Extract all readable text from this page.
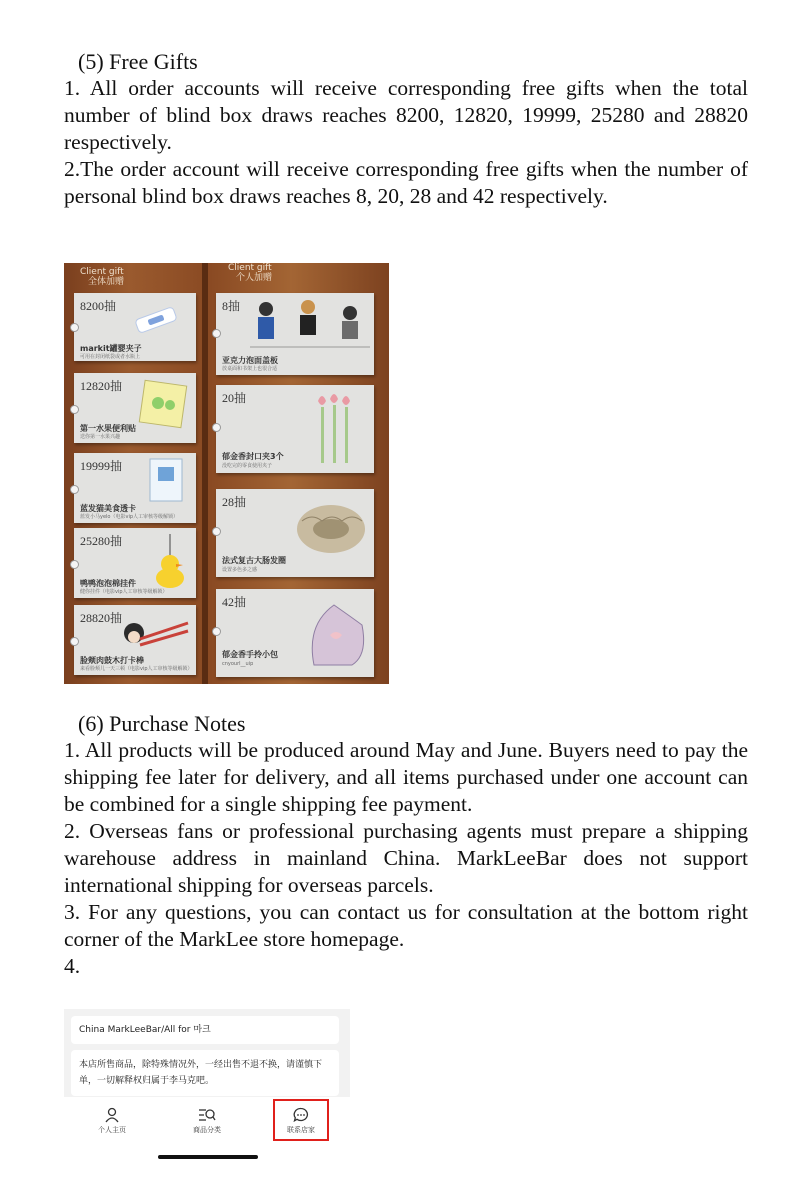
(5) Free Gifts

1. All order accounts will receive corresponding free gifts when the total number of blind box draws reaches 8200, 12820, 19999, 25280 and 28820 respectively.

2.The order account will receive corresponding free gifts when the number of personal blind box draws reaches 8, 20, 28 and 42 respectively.

Client gift
全体加赠
Client gift
个人加赠
8200抽
markit罐婴夹子
可用在封闭纸袋或者水瓶上
12820抽
第一水果便利贴
送你第一水果兴趣
19999抽
蓝发猫美食透卡
蓝发小马yelo（电影vip人工审核等级解锁）
25280抽
鸭鸭泡泡棉挂件
健你挂件（电影vip人工审核等级解锁）
28820抽
脸颊肉鼓木打卡棒
来看脸颊儿一天三顿（电影vip人工审核等级解锁）
8抽
亚克力泡面盖板
放桌面和书架上也很合适
20抽
郁金香封口夹3个
没吃完的零食使用夹子
28抽
法式复古大肠发圈
设置多色多之感
42抽
郁金香手拎小包
cnyourl__uip

(6) Purchase Notes

1. All products will be produced around May and June. Buyers need to pay the shipping fee later for delivery, and all items purchased under one account can be combined for a single shipping fee payment.

2. Overseas fans or professional purchasing agents must prepare a shipping warehouse address in mainland China. MarkLeeBar does not support international shipping for overseas parcels.

3. For any questions, you can contact us for consultation at the bottom right corner of the MarkLee store homepage.

4.

China MarkLeeBar/All for 마크
本店所售商品，除特殊情况外，一经出售不退不换，请谨慎下单，一切解释权归属于李马克吧。
个人主页	商品分类	联系店家
